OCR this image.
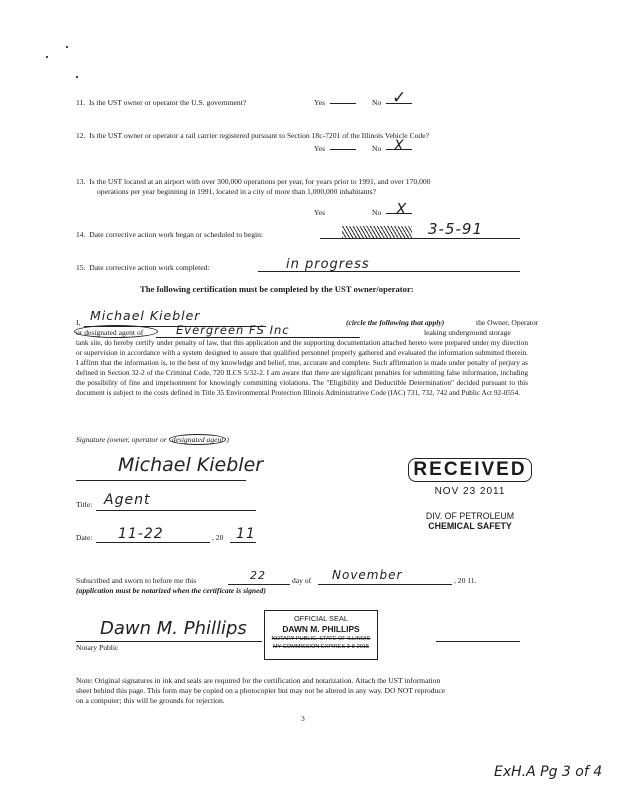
11. Is the UST owner or operator the U.S. government?	Yes	No ✓
12. Is the UST owner or operator a rail carrier registered pursuant to Section 18c-7201 of the Illinois Vehicle Code?
Yes	No X
13. Is the UST located at an airport with over 300,000 operations per year, for years prior to 1991, and over 170,000
operations per year beginning in 1991, located in a city of more than 1,000,000 inhabitants?
Yes	No X
14. Date corrective action work began or scheduled to begin:	3-5-91
15. Date corrective action work completed:	in progress
The following certification must be completed by the UST owner/operator:
I, Michael Kiebler	(circle the following that apply)	the Owner, Operator
or designated agent of	Evergreen FS Inc	leaking underground storage
tank site, do hereby certify under penalty of law, that this application and the supporting documentation attached hereto were prepared under my direction or supervision in accordance with a system designed to assure that qualified personnel properly gathered and evaluated the information submitted therein. I affirm that the information is, to the best of my knowledge and belief, true, accurate and complete. Such affirmation is made under penalty of perjury as defined in Section 32-2 of the Criminal Code, 720 ILCS 5/32-2. I am aware that there are significant penalties for submitting false information, including the possibility of fine and imprisonment for knowingly committing violations. The "Eligibility and Deductible Determination" decided pursuant to this document is subject to the costs defined in Title 35 Environmental Protection Illinois Administrative Code (IAC) 731, 732, 742 and Public Act 92-0554.
Signature (owner, operator or designated agent )
Michael Kiebler
Title: Agent
Date: 11-22	, 20 11
RECEIVED
NOV 23 2011
DIV. OF PETROLEUM
CHEMICAL SAFETY
Subscribed and sworn to before me this	22	day of November	, 20 11.
(application must be notarized when the certificate is signed)
Dawn M. Phillips
Notary Public
OFFICIAL SEAL
DAWN M. PHILLIPS
NOTARY PUBLIC, STATE OF ILLINOIS
MY COMMISSION EXPIRES 3-8-2015
Note: Original signatures in ink and seals are required for the certification and notarization. Attach the UST information
sheet behind this page. This form may be copied on a photocopier but may not be altered in any way. DO NOT reproduce
on a computer; this will be grounds for rejection.
3
ExH.A Pg 3 of 4
